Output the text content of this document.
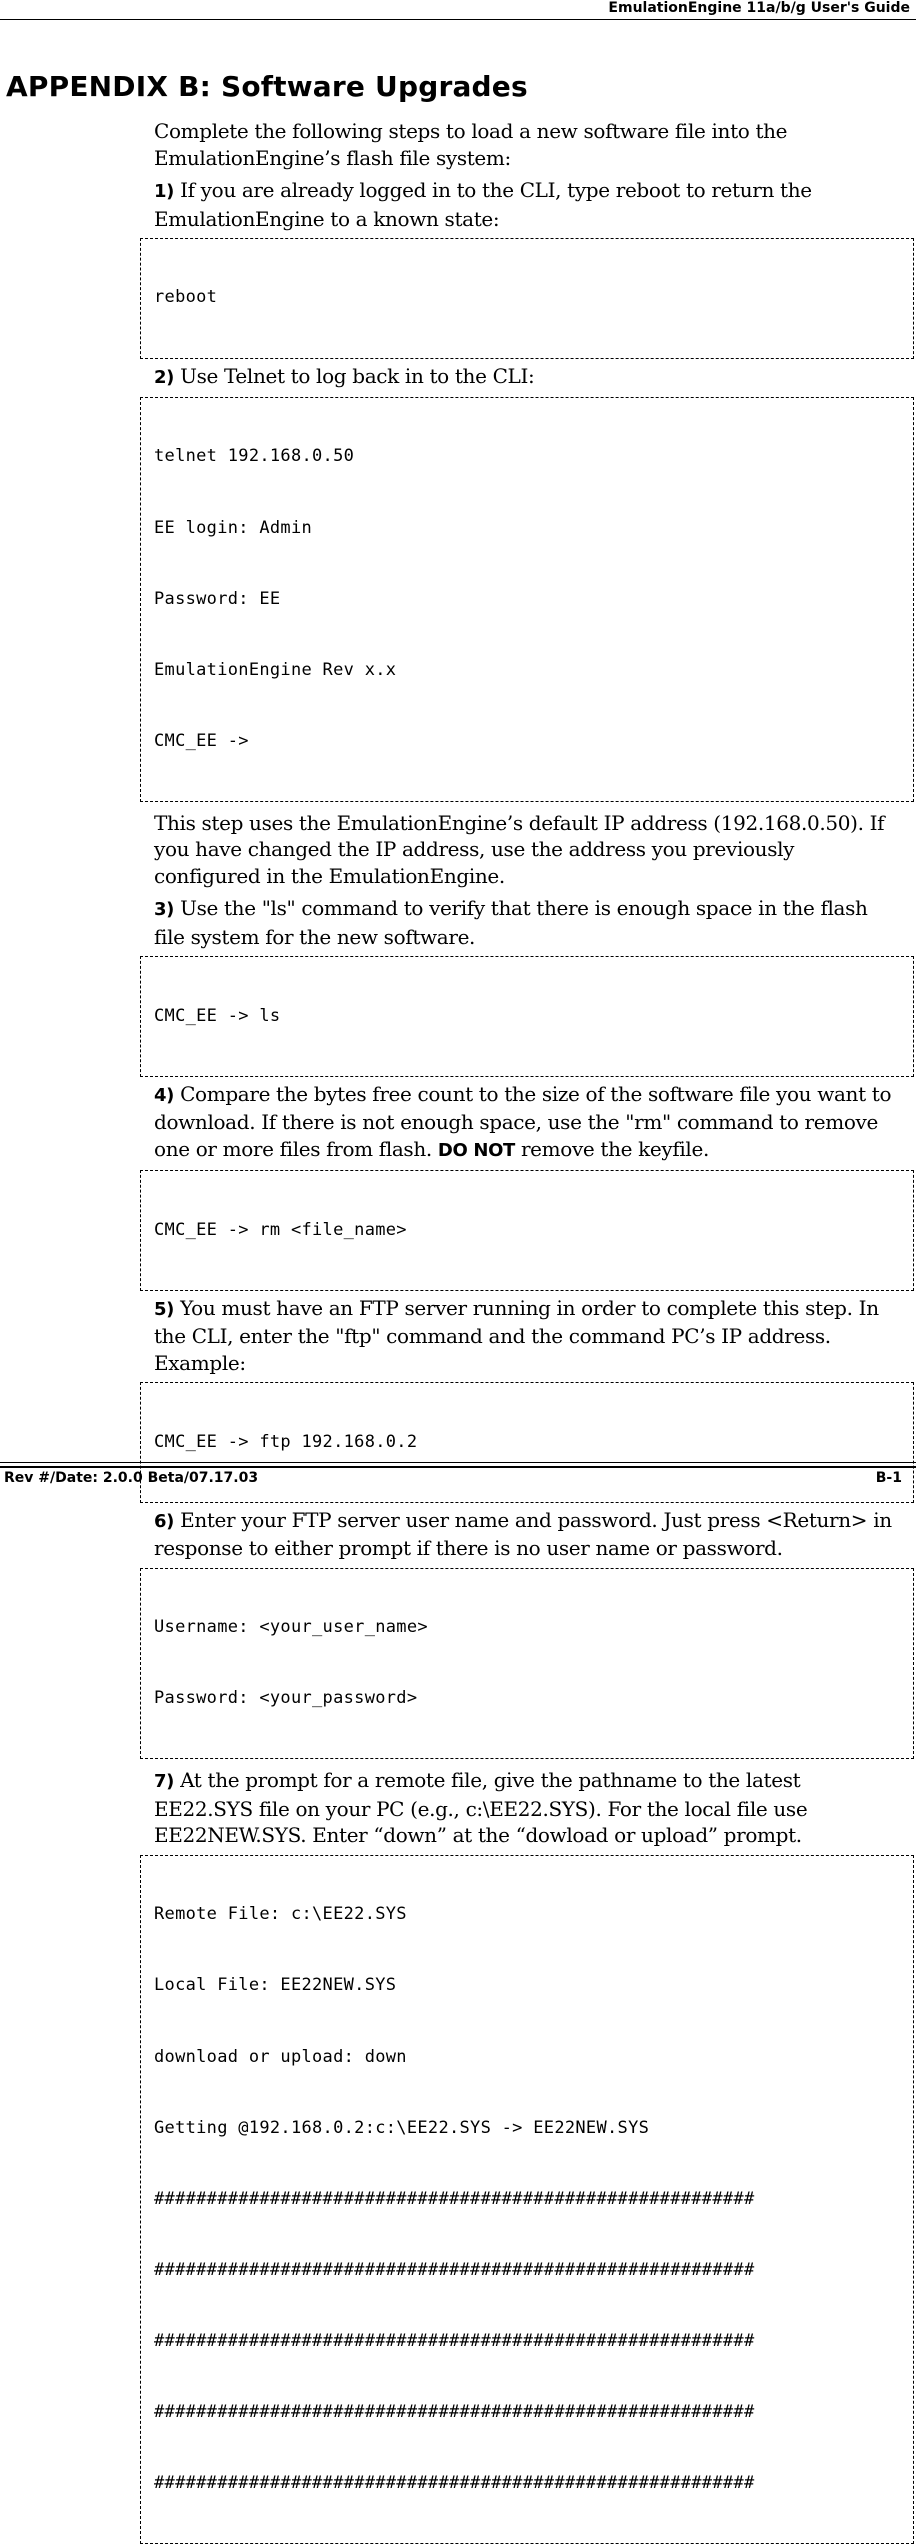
EmulationEngine 11a/b/g User's Guide
APPENDIX B: Software Upgrades

Complete the following steps to load a new software file into the EmulationEngine’s flash file system:

1) If you are already logged in to the CLI, type reboot to return the EmulationEngine to a known state:

reboot

2) Use Telnet to log back in to the CLI:

telnet 192.168.0.50

EE login: Admin

Password: EE

EmulationEngine Rev x.x

CMC_EE ->

This step uses the EmulationEngine’s default IP address (192.168.0.50). If you have changed the IP address, use the address you previously configured in the EmulationEngine.

3) Use the "ls" command to verify that there is enough space in the flash file system for the new software.

CMC_EE -> ls

4) Compare the bytes free count to the size of the software file you want to download. If there is not enough space, use the "rm" command to remove one or more files from flash. DO NOT remove the keyfile.

CMC_EE -> rm <file_name>

5) You must have an FTP server running in order to complete this step. In the CLI, enter the "ftp" command and the command PC’s IP address. Example:

CMC_EE -> ftp 192.168.0.2

6) Enter your FTP server user name and password. Just press <Return> in response to either prompt if there is no user name or password.

Username: <your_user_name>

Password: <your_password>

7) At the prompt for a remote file, give the pathname to the latest EE22.SYS file on your PC (e.g., c:\EE22.SYS). For the local file use EE22NEW.SYS. Enter “down” at the “dowload or upload” prompt.

Remote File: c:\EE22.SYS

Local File: EE22NEW.SYS

download or upload: down

Getting @192.168.0.2:c:\EE22.SYS -> EE22NEW.SYS

#########################################################

#########################################################

#########################################################

#########################################################

#########################################################

Rev #/Date: 2.0.0 Beta/07.17.03	B-1
